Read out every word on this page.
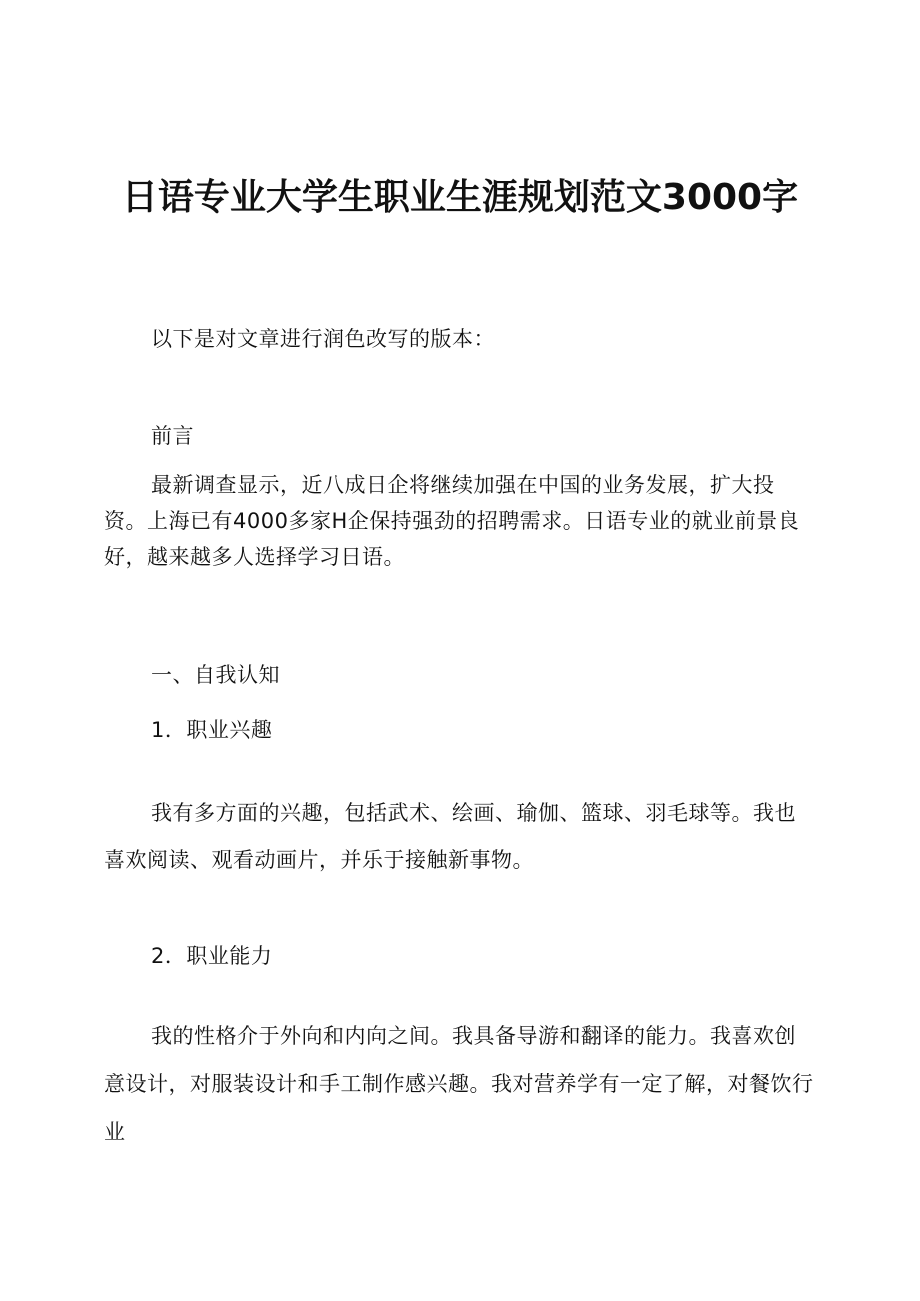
日语专业大学生职业生涯规划范文3000字
以下是对文章进行润色改写的版本：
前言
最新调查显示，近八成日企将继续加强在中国的业务发展，扩大投资。上海已有4000多家H企保持强劲的招聘需求。日语专业的就业前景良好，越来越多人选择学习日语。
一、自我认知
1．职业兴趣
我有多方面的兴趣，包括武术、绘画、瑜伽、篮球、羽毛球等。我也喜欢阅读、观看动画片，并乐于接触新事物。
2．职业能力
我的性格介于外向和内向之间。我具备导游和翻译的能力。我喜欢创意设计，对服装设计和手工制作感兴趣。我对营养学有一定了解，对餐饮行业
